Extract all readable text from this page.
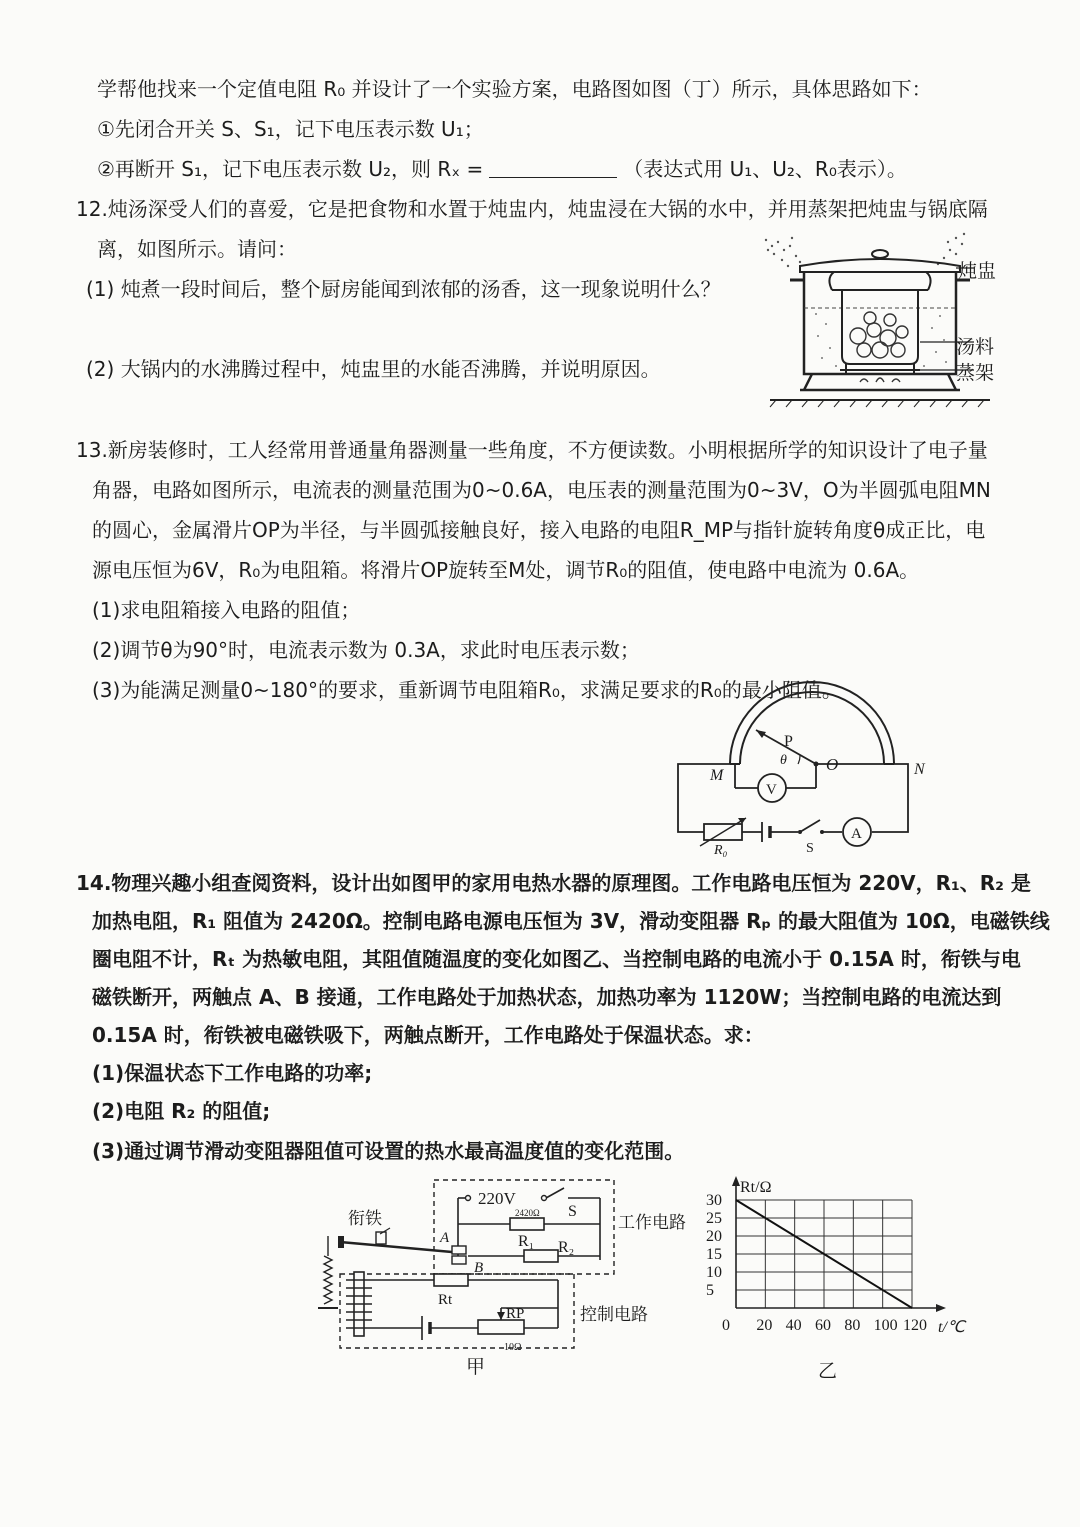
学帮他找来一个定值电阻 R₀ 并设计了一个实验方案，电路图如图（丁）所示，具体思路如下：
①先闭合开关 S、S₁，记下电压表示数 U₁；
②再断开 S₁，记下电压表示数 U₂，则 Rₓ =	（表达式用 U₁、U₂、R₀表示）。
12.炖汤深受人们的喜爱，它是把食物和水置于炖盅内，炖盅浸在大锅的水中，并用蒸架把炖盅与锅底隔
离，如图所示。请问：
(1) 炖煮一段时间后，整个厨房能闻到浓郁的汤香，这一现象说明什么？
(2) 大锅内的水沸腾过程中，炖盅里的水能否沸腾，并说明原因。
炖盅
汤料
蒸架
13.新房装修时，工人经常用普通量角器测量一些角度，不方便读数。小明根据所学的知识设计了电子量
角器，电路如图所示，电流表的测量范围为0~0.6A，电压表的测量范围为0~3V，O为半圆弧电阻MN
的圆心，金属滑片OP为半径，与半圆弧接触良好，接入电路的电阻R_MP与指针旋转角度θ成正比，电
源电压恒为6V，R₀为电阻箱。将滑片OP旋转至M处，调节R₀的阻值，使电路中电流为 0.6A。
(1)求电阻箱接入电路的阻值；
(2)调节θ为90°时，电流表示数为 0.3A，求此时电压表示数；
(3)为能满足测量0~180°的要求，重新调节电阻箱R₀，求满足要求的R₀的最小阻值。
P
θ O
M	N
V
A
R₀	S
14.物理兴趣小组查阅资料，设计出如图甲的家用电热水器的原理图。工作电路电压恒为 220V，R₁、R₂ 是
加热电阻，R₁ 阻值为 2420Ω。控制电路电源电压恒为 3V，滑动变阻器 Rₚ 的最大阻值为 10Ω，电磁铁线
圈电阻不计，Rₜ 为热敏电阻，其阻值随温度的变化如图乙、当控制电路的电流小于 0.15A 时，衔铁与电
磁铁断开，两触点 A、B 接通，工作电路处于加热状态，加热功率为 1120W；当控制电路的电流达到
0.15A 时，衔铁被电磁铁吸下，两触点断开，工作电路处于保温状态。求：
(1)保温状态下工作电路的功率;
(2)电阻 R₂ 的阻值;
(3)通过调节滑动变阻器阻值可设置的热水最高温度值的变化范围。
220V
2420Ω S
R₁ R₂
A
B
Rt
RP
10Ω
控制电路
工作电路
衔铁
甲
Rt/Ω
t/℃
0 20 40 60 80 100 120
5
10
15
20
25
30
乙
